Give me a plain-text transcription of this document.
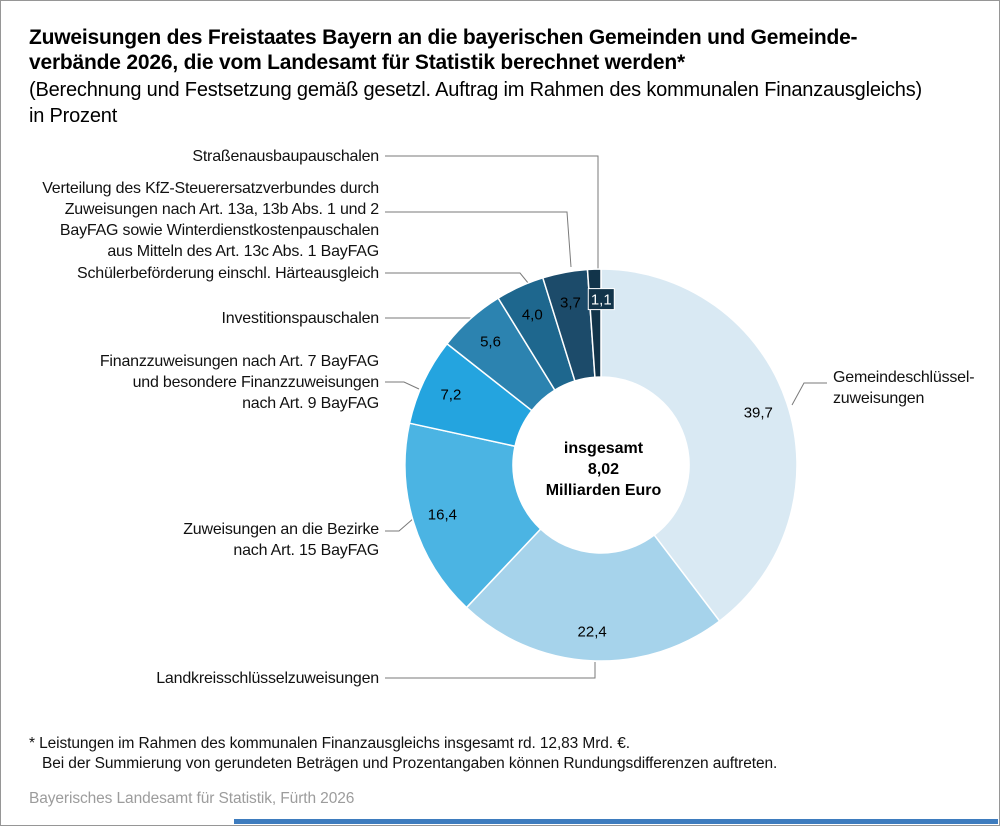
Zuweisungen des Freistaates Bayern an die bayerischen Gemeinden und Gemeinde-
verbände 2026, die vom Landesamt für Statistik berechnet werden*
(Berechnung und Festsetzung gemäß gesetzl. Auftrag im Rahmen des kommunalen Finanzausgleichs)
in Prozent
39,7
22,4
16,4
7,2
5,6
4,0
3,7 1,1
Straßenausbaupauschalen
Verteilung des KfZ-Steuerersatzverbundes durch
Zuweisungen nach Art. 13a, 13b Abs. 1 und 2
BayFAG sowie Winterdienstkostenpauschalen
aus Mitteln des Art. 13c Abs. 1 BayFAG
Schülerbeförderung einschl. Härteausgleich
Investitionspauschalen
Finanzzuweisungen nach Art. 7 BayFAG
und besondere Finanzzuweisungen
nach Art. 9 BayFAG
Zuweisungen an die Bezirke
nach Art. 15 BayFAG
Landkreisschlüsselzuweisungen
Gemeindeschlüssel-
zuweisungen
insgesamt
8,02
Milliarden Euro
* Leistungen im Rahmen des kommunalen Finanzausgleichs insgesamt rd. 12,83 Mrd. €.
Bei der Summierung von gerundeten Beträgen und Prozentangaben können Rundungsdifferenzen auftreten.
Bayerisches Landesamt für Statistik, Fürth 2026
